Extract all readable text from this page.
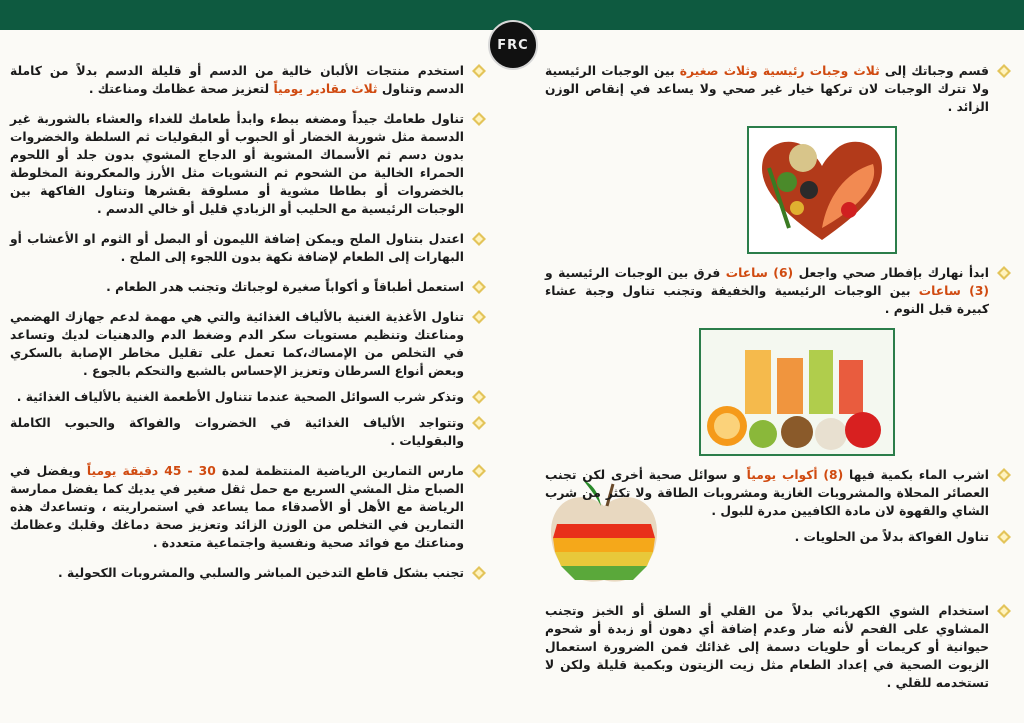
FRC
قسم وجباتك إلى ثلاث وجبات رئيسية وثلاث صغيرة بين الوجبات الرئيسية ولا تترك الوجبات لان تركها خيار غير صحي ولا يساعد في إنقاص الوزن الزائد .
ابدأ نهارك بإفطار صحي واجعل (6) ساعات فرق بين الوجبات الرئيسية و (3) ساعات بين الوجبات الرئيسية والخفيفة وتجنب تناول وجبة عشاء كبيرة قبل النوم .
اشرب الماء بكمية فيها (8) أكواب يومياً و سوائل صحية أخرى لكن تجنب العصائر المحلاة والمشروبات الغازية ومشروبات الطاقة ولا تكثر من شرب الشاي والقهوة لان مادة الكافيين مدرة للبول .
تناول الفواكة بدلاً من الحلويات .
استخدام الشوي الكهربائي بدلاً من القلي أو السلق أو الخبز وتجنب المشاوي على الفحم لأنه ضار وعدم إضافة أي دهون أو زبدة أو شحوم حيوانية أو كريمات أو حلويات دسمة إلى غذائك فمن الضرورة استعمال الزيوت الصحية في إعداد الطعام مثل زيت الزيتون وبكمية قليلة ولكن لا تستخدمه للقلي .
استخدم منتجات الألبان خالية من الدسم أو قليلة الدسم بدلاً من كاملة الدسم وتناول ثلاث مقادير يومياً لتعزيز صحة عظامك ومناعتك .
تناول طعامك جيداً ومضغه ببطء وابدأ طعامك للغداء والعشاء بالشوربة غير الدسمة مثل شوربة الخضار أو الحبوب أو البقوليات ثم السلطة والخضروات بدون دسم ثم الأسماك المشوية أو الدجاج المشوي بدون جلد أو اللحوم الحمراء الخالية من الشحوم ثم النشويات مثل الأرز والمعكرونة المخلوطة بالخضروات أو بطاطا مشوية أو مسلوقة بقشرها وتناول الفاكهة بين الوجبات الرئيسية مع الحليب أو الزبادي قليل أو خالي الدسم .
اعتدل بتناول الملح ويمكن إضافة الليمون أو البصل أو الثوم او الأعشاب أو البهارات إلى الطعام لإضافة نكهة بدون اللجوء إلى الملح .
استعمل أطباقاً و أكواباً صغيرة لوجباتك وتجنب هدر الطعام .
تناول الأغذية الغنية بالألياف الغذائية والتي هي مهمة لدعم جهازك الهضمي ومناعتك وتنظيم مستويات سكر الدم وضغط الدم والدهنيات لديك وتساعد في التخلص من الإمساك،كما تعمل على تقليل مخاطر الإصابة بالسكري وبعض أنواع السرطان وتعزيز الإحساس بالشبع والتحكم بالجوع .
وتذكر شرب السوائل الصحية عندما تتناول الأطعمة الغنية بالألياف الغذائية .
وتتواجد الألياف الغذائية في الخضروات والفواكة والحبوب الكاملة والبقوليات .
مارس التمارين الرياضية المنتظمة لمدة 30 - 45 دقيقة يومياً ويفضل في الصباح مثل المشي السريع مع حمل ثقل صغير في يديك كما يفضل ممارسة الرياضة مع الأهل أو الأصدقاء مما يساعد في استمراريته ، وتساعدك هذه التمارين في التخلص من الوزن الزائد وتعزيز صحة دماغك وقلبك وعظامك ومناعتك مع فوائد صحية ونفسية واجتماعية متعددة .
تجنب بشكل قاطع التدخين المباشر والسلبي والمشروبات الكحولية .
